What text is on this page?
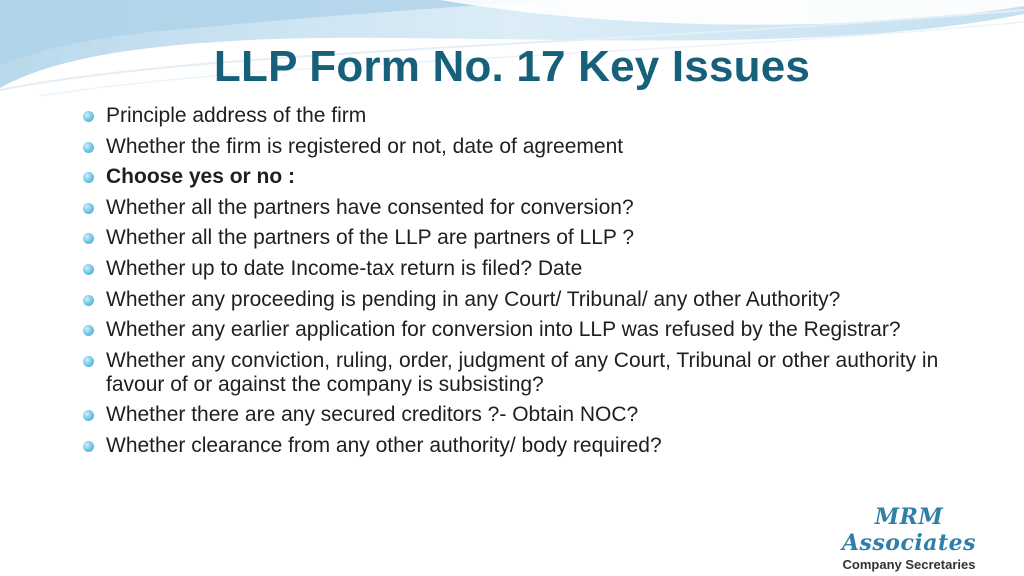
LLP Form No. 17 Key Issues
Principle address of the firm
Whether the firm is registered or not, date of agreement
Choose yes or no :
Whether all the partners have consented for conversion?
Whether all the partners of the LLP are partners of LLP ?
Whether up to date Income-tax return is filed? Date
Whether any proceeding is pending in any Court/ Tribunal/ any other Authority?
Whether any earlier application for conversion into LLP was refused by the Registrar?
Whether any conviction, ruling, order, judgment of any Court, Tribunal or other authority in favour of or against the company is subsisting?
Whether there are any secured creditors ?- Obtain NOC?
Whether clearance from any other authority/ body required?
MRM Associates
Company Secretaries
